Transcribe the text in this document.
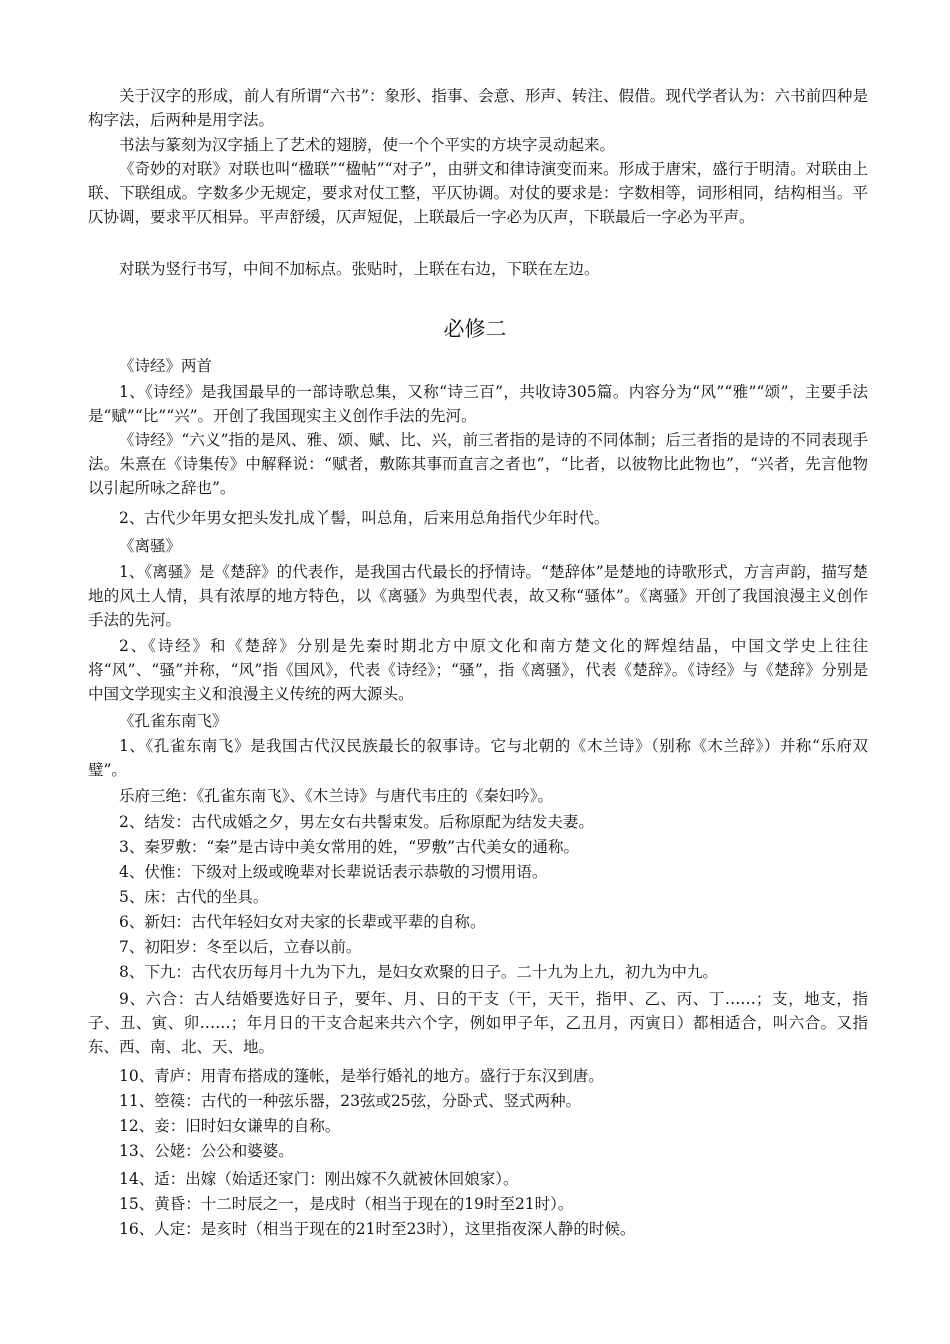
关于汉字的形成，前人有所谓“六书”：象形、指事、会意、形声、转注、假借。现代学者认为：六书前四种是构字法，后两种是用字法。

书法与篆刻为汉字插上了艺术的翅膀，使一个个平实的方块字灵动起来。

《奇妙的对联》对联也叫“楹联”“楹帖”“对子”，由骈文和律诗演变而来。形成于唐宋，盛行于明清。对联由上联、下联组成。字数多少无规定，要求对仗工整，平仄协调。对仗的要求是：字数相等，词形相同，结构相当。平仄协调，要求平仄相异。平声舒缓，仄声短促，上联最后一字必为仄声，下联最后一字必为平声。

对联为竖行书写，中间不加标点。张贴时，上联在右边，下联在左边。

必修二

《诗经》两首

1、《诗经》是我国最早的一部诗歌总集，又称“诗三百”，共收诗305篇。内容分为“风”“雅”“颂”，主要手法是“赋”“比”“兴”。开创了我国现实主义创作手法的先河。

《诗经》“六义”指的是风、雅、颂、赋、比、兴，前三者指的是诗的不同体制；后三者指的是诗的不同表现手法。朱熹在《诗集传》中解释说：“赋者，敷陈其事而直言之者也”，“比者，以彼物比此物也”，“兴者，先言他物以引起所咏之辞也”。

2、古代少年男女把头发扎成丫髻，叫总角，后来用总角指代少年时代。

《离骚》

1、《离骚》是《楚辞》的代表作，是我国古代最长的抒情诗。“楚辞体”是楚地的诗歌形式，方言声韵，描写楚地的风土人情，具有浓厚的地方特色，以《离骚》为典型代表，故又称“骚体”。《离骚》开创了我国浪漫主义创作手法的先河。

2、《诗经》和《楚辞》分别是先秦时期北方中原文化和南方楚文化的辉煌结晶，中国文学史上往往将“风”、“骚”并称，“风”指《国风》，代表《诗经》；“骚”，指《离骚》，代表《楚辞》。《诗经》与《楚辞》分别是中国文学现实主义和浪漫主义传统的两大源头。

《孔雀东南飞》

1、《孔雀东南飞》是我国古代汉民族最长的叙事诗。它与北朝的《木兰诗》（别称《木兰辞》）并称“乐府双璧”。

乐府三绝：《孔雀东南飞》、《木兰诗》与唐代韦庄的《秦妇吟》。

2、结发：古代成婚之夕，男左女右共髻束发。后称原配为结发夫妻。

3、秦罗敷：“秦”是古诗中美女常用的姓，“罗敷”古代美女的通称。

4、伏惟：下级对上级或晚辈对长辈说话表示恭敬的习惯用语。

5、床：古代的坐具。

6、新妇：古代年轻妇女对夫家的长辈或平辈的自称。

7、初阳岁：冬至以后，立春以前。

8、下九：古代农历每月十九为下九，是妇女欢聚的日子。二十九为上九，初九为中九。

9、六合：古人结婚要选好日子，要年、月、日的干支（干，天干，指甲、乙、丙、丁……；支，地支，指子、丑、寅、卯……；年月日的干支合起来共六个字，例如甲子年，乙丑月，丙寅日）都相适合，叫六合。又指东、西、南、北、天、地。

10、青庐：用青布搭成的篷帐，是举行婚礼的地方。盛行于东汉到唐。

11、箜篌：古代的一种弦乐器，23弦或25弦，分卧式、竖式两种。

12、妾：旧时妇女谦卑的自称。

13、公姥：公公和婆婆。

14、适：出嫁（始适还家门：刚出嫁不久就被休回娘家）。

15、黄昏：十二时辰之一，是戌时（相当于现在的19时至21时）。

16、人定：是亥时（相当于现在的21时至23时），这里指夜深人静的时候。
